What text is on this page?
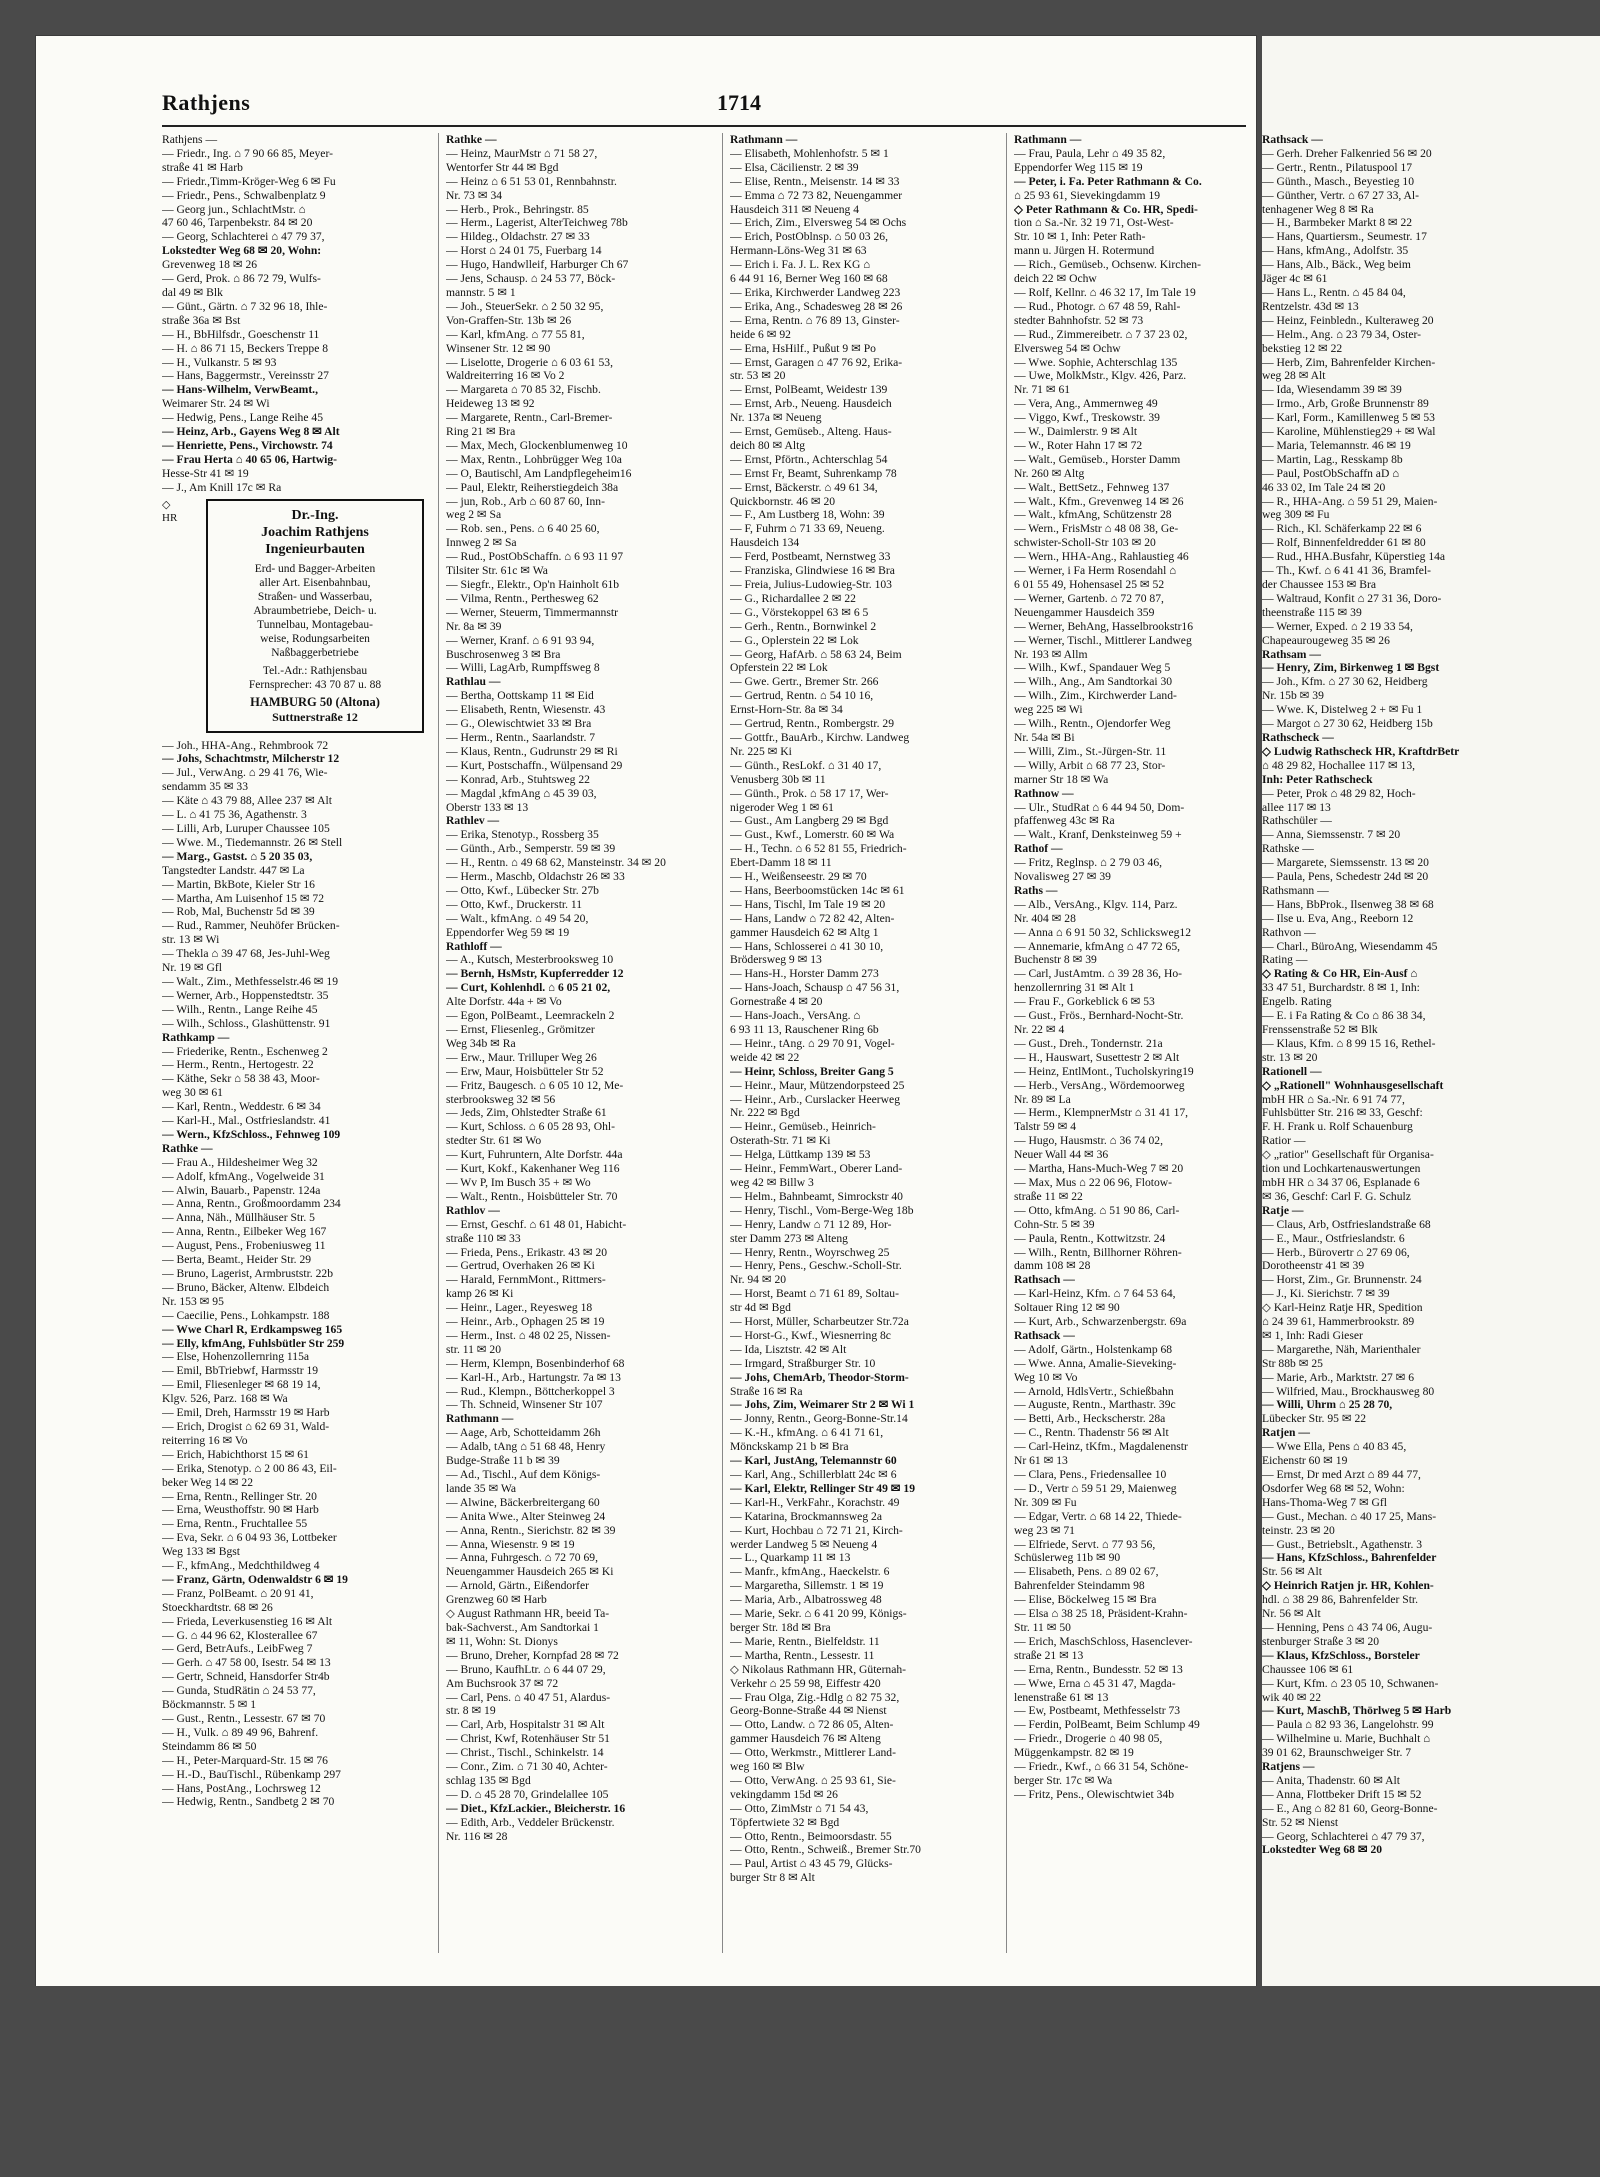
Rathjens	1714
Rathjens —
— Friedr., Ing. ⌂ 7 90 66 85, Meyer-
straße 41 ✉ Harb
— Friedr.,Timm-Kröger-Weg 6 ✉ Fu
— Friedr., Pens., Schwalbenplatz 9
— Georg jun., SchlachtMstr. ⌂
47 60 46, Tarpenbekstr. 84 ✉ 20
— Georg, Schlachterei ⌂ 47 79 37,
Lokstedter Weg 68 ✉ 20, Wohn:
Grevenweg 18 ✉ 26
— Gerd, Prok. ⌂ 86 72 79, Wulfs-
dal 49 ✉ Blk
— Günt., Gärtn. ⌂ 7 32 96 18, Ihle-
straße 36a ✉ Bst
— H., BbHilfsdr., Goeschenstr 11
— H. ⌂ 86 71 15, Beckers Treppe 8
— H., Vulkanstr. 5 ✉ 93
— Hans, Baggermstr., Vereinsstr 27
— Hans-Wilhelm, VerwBeamt.,
Weimarer Str. 24 ✉ Wi
— Hedwig, Pens., Lange Reihe 45
— Heinz, Arb., Gayens Weg 8 ✉ Alt
— Henriette, Pens., Virchowstr. 74
— Frau Herta ⌂ 40 65 06, Hartwig-
Hesse-Str 41 ✉ 19
— J., Am Knill 17c ✉ Ra
◇
HR	Dr.-Ing.
Joachim Rathjens
Ingenieurbauten
Erd- und Bagger-Arbeiten
aller Art. Eisenbahnbau,
Straßen- und Wasserbau,
Abraumbetriebe, Deich- u.
Tunnelbau, Montagebau-
weise, Rodungsarbeiten
Naßbaggerbetriebe
Tel.-Adr.: Rathjensbau
Fernsprecher: 43 70 87 u. 88
HAMBURG 50 (Altona)
Suttnerstraße 12
— Joh., HHA-Ang., Rehmbrook 72
— Johs, Schachtmstr, Milcherstr 12
— Jul., VerwAng. ⌂ 29 41 76, Wie-
sendamm 35 ✉ 33
— Käte ⌂ 43 79 88, Allee 237 ✉ Alt
— L. ⌂ 41 75 36, Agathenstr. 3
— Lilli, Arb, Luruper Chaussee 105
— Wwe. M., Tiedemannstr. 26 ✉ Stell
— Marg., Gastst. ⌂ 5 20 35 03,
Tangstedter Landstr. 447 ✉ La
— Martin, BkBote, Kieler Str 16
— Martha, Am Luisenhof 15 ✉ 72
— Rob, Mal, Buchenstr 5d ✉ 39
— Rud., Rammer, Neuhöfer Brücken-
str. 13 ✉ Wi
— Thekla ⌂ 39 47 68, Jes-Juhl-Weg
Nr. 19 ✉ Gfl
— Walt., Zim., Methfesselstr.46 ✉ 19
— Werner, Arb., Hoppenstedtstr. 35
— Wilh., Rentn., Lange Reihe 45
— Wilh., Schloss., Glashüttenstr. 91
Rathkamp —
— Friederike, Rentn., Eschenweg 2
— Herm., Rentn., Hertogestr. 22
— Käthe, Sekr ⌂ 58 38 43, Moor-
weg 30 ✉ 61
— Karl, Rentn., Weddestr. 6 ✉ 34
— Karl-H., Mal., Ostfrieslandstr. 41
— Wern., KfzSchloss., Fehnweg 109
Rathke —
— Frau A., Hildesheimer Weg 32
— Adolf, kfmAng., Vogelweide 31
— Alwin, Bauarb., Papenstr. 124a
— Anna, Rentn., Großmoordamm 234
— Anna, Näh., Müllhäuser Str. 5
— Anna, Rentn., Eilbeker Weg 167
— August, Pens., Frobeniusweg 11
— Berta, Beamt., Heider Str. 29
— Bruno, Lagerist, Armbruststr. 22b
— Bruno, Bäcker, Altenw. Elbdeich
Nr. 153 ✉ 95
— Caecilie, Pens., Lohkampstr. 188
— Wwe Charl R, Erdkampsweg 165
— Elly, kfmAng, Fuhlsbütler Str 259
— Else, Hohenzollernring 115a
— Emil, BbTriebwf, Harmsstr 19
— Emil, Fliesenleger ✉ 68 19 14,
Klgv. 526, Parz. 168 ✉ Wa
— Emil, Dreh, Harmsstr 19 ✉ Harb
— Erich, Drogist ⌂ 62 69 31, Wald-
reiterring 16 ✉ Vo
— Erich, Habichthorst 15 ✉ 61
— Erika, Stenotyp. ⌂ 2 00 86 43, Eil-
beker Weg 14 ✉ 22
— Erna, Rentn., Rellinger Str. 20
— Erna, Weusthoffstr. 90 ✉ Harb
— Erna, Rentn., Fruchtallee 55
— Eva, Sekr. ⌂ 6 04 93 36, Lottbeker
Weg 133 ✉ Bgst
— F., kfmAng., Medchthildweg 4
— Franz, Gärtn, Odenwaldstr 6 ✉ 19
— Franz, PolBeamt. ⌂ 20 91 41,
Stoeckhardtstr. 68 ✉ 26
— Frieda, Leverkusenstieg 16 ✉ Alt
— G. ⌂ 44 96 62, Klosterallee 67
— Gerd, BetrAufs., LeibFweg 7
— Gerh. ⌂ 47 58 00, Isestr. 54 ✉ 13
— Gertr, Schneid, Hansdorfer Str4b
— Gunda, StudRätin ⌂ 24 53 77,
Böckmannstr. 5 ✉ 1
— Gust., Rentn., Lessestr. 67 ✉ 70
— H., Vulk. ⌂ 89 49 96, Bahrenf.
Steindamm 86 ✉ 50
— H., Peter-Marquard-Str. 15 ✉ 76
— H.-D., BauTischl., Rübenkamp 297
— Hans, PostAng., Lochrsweg 12
— Hedwig, Rentn., Sandbetg 2 ✉ 70
Rathke —
— Heinz, MaurMstr ⌂ 71 58 27,
Wentorfer Str 44 ✉ Bgd
— Heinz ⌂ 6 51 53 01, Rennbahnstr.
Nr. 73 ✉ 34
— Herb., Prok., Behringstr. 85
— Herm., Lagerist, AlterTeichweg 78b
— Hildeg., Oldachstr. 27 ✉ 33
— Horst ⌂ 24 01 75, Fuerbarg 14
— Hugo, Handwlleif, Harburger Ch 67
— Jens, Schausp. ⌂ 24 53 77, Böck-
mannstr. 5 ✉ 1
— Joh., SteuerSekr. ⌂ 2 50 32 95,
Von-Graffen-Str. 13b ✉ 26
— Karl, kfmAng. ⌂ 77 55 81,
Winsener Str. 12 ✉ 90
— Liselotte, Drogerie ⌂ 6 03 61 53,
Waldreiterring 16 ✉ Vo 2
— Margareta ⌂ 70 85 32, Fischb.
Heideweg 13 ✉ 92
— Margarete, Rentn., Carl-Bremer-
Ring 21 ✉ Bra
— Max, Mech, Glockenblumenweg 10
— Max, Rentn., Lohbrügger Weg 10a
— O, Bautischl, Am Landpflegeheim16
— Paul, Elektr, Reiherstiegdeich 38a
— jun, Rob., Arb ⌂ 60 87 60, Inn-
weg 2 ✉ Sa
— Rob. sen., Pens. ⌂ 6 40 25 60,
Innweg 2 ✉ Sa
— Rud., PostObSchaffn. ⌂ 6 93 11 97
Tilsiter Str. 61c ✉ Wa
— Siegfr., Elektr., Op'n Hainholt 61b
— Vilma, Rentn., Perthesweg 62
— Werner, Steuerm, Timmermannstr
Nr. 8a ✉ 39
— Werner, Kranf. ⌂ 6 91 93 94,
Buschrosenweg 3 ✉ Bra
— Willi, LagArb, Rumpffsweg 8
Rathlau —
— Bertha, Oottskamp 11 ✉ Eid
— Elisabeth, Rentn, Wiesenstr. 43
— G., Olewischtwiet 33 ✉ Bra
— Herm., Rentn., Saarlandstr. 7
— Klaus, Rentn., Gudrunstr 29 ✉ Ri
— Kurt, Postschaffn., Wülpensand 29
— Konrad, Arb., Stuhtsweg 22
— Magdal ,kfmAng ⌂ 45 39 03,
Oberstr 133 ✉ 13
Rathlev —
— Erika, Stenotyp., Rossberg 35
— Günth., Arb., Semperstr. 59 ✉ 39
— H., Rentn. ⌂ 49 68 62, Mansteinstr. 34 ✉ 20
— Herm., Maschb, Oldachstr 26 ✉ 33
— Otto, Kwf., Lübecker Str. 27b
— Otto, Kwf., Druckerstr. 11
— Walt., kfmAng. ⌂ 49 54 20,
Eppendorfer Weg 59 ✉ 19
Rathloff —
— A., Kutsch, Mesterbrooksweg 10
— Bernh, HsMstr, Kupferredder 12
— Curt, Kohlenhdl. ⌂ 6 05 21 02,
Alte Dorfstr. 44a + ✉ Vo
— Egon, PolBeamt., Leemrackeln 2
— Ernst, Fliesenleg., Grömitzer
Weg 34b ✉ Ra
— Erw., Maur. Trilluper Weg 26
— Erw, Maur, Hoisbütteler Str 52
— Fritz, Baugesch. ⌂ 6 05 10 12, Me-
sterbrooksweg 32 ✉ 56
— Jeds, Zim, Ohlstedter Straße 61
— Kurt, Schloss. ⌂ 6 05 28 93, Ohl-
stedter Str. 61 ✉ Wo
— Kurt, Fuhruntern, Alte Dorfstr. 44a
— Kurt, Kokf., Kakenhaner Weg 116
— Wv P, Im Busch 35 + ✉ Wo
— Walt., Rentn., Hoisbütteler Str. 70
Rathlov —
— Ernst, Geschf. ⌂ 61 48 01, Habicht-
straße 110 ✉ 33
— Frieda, Pens., Erikastr. 43 ✉ 20
— Gertrud, Overhaken 26 ✉ Ki
— Harald, FernmMont., Rittmers-
kamp 26 ✉ Ki
— Heinr., Lager., Reyesweg 18
— Heinr., Arb., Ophagen 25 ✉ 19
— Herm., Inst. ⌂ 48 02 25, Nissen-
str. 11 ✉ 20
— Herm, Klempn, Bosenbinderhof 68
— Karl-H., Arb., Hartungstr. 7a ✉ 13
— Rud., Klempn., Böttcherkoppel 3
— Th. Schneid, Winsener Str 107
Rathmann —
— Aage, Arb, Schotteidamm 26h
— Adalb, tAng ⌂ 51 68 48, Henry
Budge-Straße 11 b ✉ 39
— Ad., Tischl., Auf dem Königs-
lande 35 ✉ Wa
— Alwine, Bäckerbreitergang 60
— Anita Wwe., Alter Steinweg 24
— Anna, Rentn., Sierichstr. 82 ✉ 39
— Anna, Wiesenstr. 9 ✉ 19
— Anna, Fuhrgesch. ⌂ 72 70 69,
Neuengammer Hausdeich 265 ✉ Ki
— Arnold, Gärtn., Eißendorfer
Grenzweg 60 ✉ Harb
◇ August Rathmann HR, beeid Ta-
bak-Sachverst., Am Sandtorkai 1
✉ 11, Wohn: St. Dionys
— Bruno, Dreher, Kornpfad 28 ✉ 72
— Bruno, KaufhLtr. ⌂ 6 44 07 29,
Am Buchsrook 37 ✉ 72
— Carl, Pens. ⌂ 40 47 51, Alardus-
str. 8 ✉ 19
— Carl, Arb, Hospitalstr 31 ✉ Alt
— Christ, Kwf, Rotenhäuser Str 51
— Christ., Tischl., Schinkelstr. 14
— Conr., Zim. ⌂ 71 30 40, Achter-
schlag 135 ✉ Bgd
— D. ⌂ 45 28 70, Grindelallee 105
— Diet., KfzLackier., Bleicherstr. 16
— Edith, Arb., Veddeler Brückenstr.
Nr. 116 ✉ 28
Rathmann —
— Elisabeth, Mohlenhofstr. 5 ✉ 1
— Elsa, Cäcilienstr. 2 ✉ 39
— Elise, Rentn., Meisenstr. 14 ✉ 33
— Emma ⌂ 72 73 82, Neuengammer
Hausdeich 311 ✉ Neueng 4
— Erich, Zim., Elversweg 54 ✉ Ochs
— Erich, PostOblnsp. ⌂ 50 03 26,
Hermann-Löns-Weg 31 ✉ 63
— Erich i. Fa. J. L. Rex KG ⌂
6 44 91 16, Berner Weg 160 ✉ 68
— Erika, Kirchwerder Landweg 223
— Erika, Ang., Schadesweg 28 ✉ 26
— Erna, Rentn. ⌂ 76 89 13, Ginster-
heide 6 ✉ 92
— Erna, HsHilf., Pußut 9 ✉ Po
— Ernst, Garagen ⌂ 47 76 92, Erika-
str. 53 ✉ 20
— Ernst, PolBeamt, Weidestr 139
— Ernst, Arb., Neueng. Hausdeich
Nr. 137a ✉ Neueng
— Ernst, Gemüseb., Alteng. Haus-
deich 80 ✉ Altg
— Ernst, Pförtn., Achterschlag 54
— Ernst Fr, Beamt, Suhrenkamp 78
— Ernst, Bäckerstr. ⌂ 49 61 34,
Quickbornstr. 46 ✉ 20
— F., Am Lustberg 18, Wohn: 39
— F, Fuhrm ⌂ 71 33 69, Neueng.
Hausdeich 134
— Ferd, Postbeamt, Nernstweg 33
— Franziska, Glindwiese 16 ✉ Bra
— Freia, Julius-Ludowieg-Str. 103
— G., Richardallee 2 ✉ 22
— G., Vörstekoppel 63 ✉ 6 5
— Gerh., Rentn., Bornwinkel 2
— G., Oplerstein 22 ✉ Lok
— Georg, HafArb. ⌂ 58 63 24, Beim
Opferstein 22 ✉ Lok
— Gwe. Gertr., Bremer Str. 266
— Gertrud, Rentn. ⌂ 54 10 16,
Ernst-Horn-Str. 8a ✉ 34
— Gertrud, Rentn., Rombergstr. 29
— Gottfr., BauArb., Kirchw. Landweg
Nr. 225 ✉ Ki
— Günth., ResLokf. ⌂ 31 40 17,
Venusberg 30b ✉ 11
— Günth., Prok. ⌂ 58 17 17, Wer-
nigeroder Weg 1 ✉ 61
— Gust., Am Langberg 29 ✉ Bgd
— Gust., Kwf., Lomerstr. 60 ✉ Wa
— H., Techn. ⌂ 6 52 81 55, Friedrich-
Ebert-Damm 18 ✉ 11
— H., Weißenseestr. 29 ✉ 70
— Hans, Beerboomstücken 14c ✉ 61
— Hans, Tischl, Im Tale 19 ✉ 20
— Hans, Landw ⌂ 72 82 42, Alten-
gammer Hausdeich 62 ✉ Altg 1
— Hans, Schlosserei ⌂ 41 30 10,
Brödersweg 9 ✉ 13
— Hans-H., Horster Damm 273
— Hans-Joach, Schausp ⌂ 47 56 31,
Gornestraße 4 ✉ 20
— Hans-Joach., VersAng. ⌂
6 93 11 13, Rauschener Ring 6b
— Heinr., tAng. ⌂ 29 70 91, Vogel-
weide 42 ✉ 22
— Heinr, Schloss, Breiter Gang 5
— Heinr., Maur, Mützendorpsteed 25
— Heinr., Arb., Curslacker Heerweg
Nr. 222 ✉ Bgd
— Heinr., Gemüseb., Heinrich-
Osterath-Str. 71 ✉ Ki
— Helga, Lüttkamp 139 ✉ 53
— Heinr., FemmWart., Oberer Land-
weg 42 ✉ Billw 3
— Helm., Bahnbeamt, Simrockstr 40
— Henry, Tischl., Vom-Berge-Weg 18b
— Henry, Landw ⌂ 71 12 89, Hor-
ster Damm 273 ✉ Alteng
— Henry, Rentn., Woyrschweg 25
— Henry, Pens., Geschw.-Scholl-Str.
Nr. 94 ✉ 20
— Horst, Beamt ⌂ 71 61 89, Soltau-
str 4d ✉ Bgd
— Horst, Müller, Scharbeutzer Str.72a
— Horst-G., Kwf., Wiesnerring 8c
— Ida, Lisztstr. 42 ✉ Alt
— Irmgard, Straßburger Str. 10
— Johs, ChemArb, Theodor-Storm-
Straße 16 ✉ Ra
— Johs, Zim, Weimarer Str 2 ✉ Wi 1
— Jonny, Rentn., Georg-Bonne-Str.14
— K.-H., kfmAng. ⌂ 6 41 71 61,
Mönckskamp 21 b ✉ Bra
— Karl, JustAng, Telemannstr 60
— Karl, Ang., Schillerblatt 24c ✉ 6
— Karl, Elektr, Rellinger Str 49 ✉ 19
— Karl-H., VerkFahr., Korachstr. 49
— Katarina, Brockmannsweg 2a
— Kurt, Hochbau ⌂ 72 71 21, Kirch-
werder Landweg 5 ✉ Neueng 4
— L., Quarkamp 11 ✉ 13
— Manfr., kfmAng., Haeckelstr. 6
— Margaretha, Sillemstr. 1 ✉ 19
— Maria, Arb., Albatrossweg 48
— Marie, Sekr. ⌂ 6 41 20 99, Königs-
berger Str. 18d ✉ Bra
— Marie, Rentn., Bielfeldstr. 11
— Martha, Rentn., Lessestr. 11
◇ Nikolaus Rathmann HR, Güternah-
Verkehr ⌂ 25 59 98, Eiffestr 420
— Frau Olga, Zig.-Hdlg ⌂ 82 75 32,
Georg-Bonne-Straße 44 ✉ Nienst
— Otto, Landw. ⌂ 72 86 05, Alten-
gammer Hausdeich 76 ✉ Alteng
— Otto, Werkmstr., Mittlerer Land-
weg 160 ✉ Blw
— Otto, VerwAng. ⌂ 25 93 61, Sie-
vekingdamm 15d ✉ 26
— Otto, ZimMstr ⌂ 71 54 43,
Töpfertwiete 32 ✉ Bgd
— Otto, Rentn., Beimoorsdastr. 55
— Otto, Rentn., Schweiß., Bremer Str.70
— Paul, Artist ⌂ 43 45 79, Glücks-
burger Str 8 ✉ Alt
Rathmann —
— Frau, Paula, Lehr ⌂ 49 35 82,
Eppendorfer Weg 115 ✉ 19
— Peter, i. Fa. Peter Rathmann & Co.
⌂ 25 93 61, Sievekingdamm 19
◇ Peter Rathmann & Co. HR, Spedi-
tion ⌂ Sa.-Nr. 32 19 71, Ost-West-
Str. 10 ✉ 1, Inh: Peter Rath-
mann u. Jürgen H. Rotermund
— Rich., Gemüseb., Ochsenw. Kirchen-
deich 22 ✉ Ochw
— Rolf, Kellnr. ⌂ 46 32 17, Im Tale 19
— Rud., Photogr. ⌂ 67 48 59, Rahl-
stedter Bahnhofstr. 52 ✉ 73
— Rud., Zimmereibetr. ⌂ 7 37 23 02,
Elversweg 54 ✉ Ochw
— Wwe. Sophie, Achterschlag 135
— Uwe, MolkMstr., Klgv. 426, Parz.
Nr. 71 ✉ 61
— Vera, Ang., Ammernweg 49
— Viggo, Kwf., Treskowstr. 39
— W., Daimlerstr. 9 ✉ Alt
— W., Roter Hahn 17 ✉ 72
— Walt., Gemüseb., Horster Damm
Nr. 260 ✉ Altg
— Walt., BettSetz., Fehnweg 137
— Walt., Kfm., Grevenweg 14 ✉ 26
— Walt., kfmAng, Schützenstr 28
— Wern., FrisMstr ⌂ 48 08 38, Ge-
schwister-Scholl-Str 103 ✉ 20
— Wern., HHA-Ang., Rahlaustieg 46
— Werner, i Fa Herm Rosendahl ⌂
6 01 55 49, Hohensasel 25 ✉ 52
— Werner, Gartenb. ⌂ 72 70 87,
Neuengammer Hausdeich 359
— Werner, BehAng, Hasselbrookstr16
— Werner, Tischl., Mittlerer Landweg
Nr. 193 ✉ Allm
— Wilh., Kwf., Spandauer Weg 5
— Wilh., Ang., Am Sandtorkai 30
— Wilh., Zim., Kirchwerder Land-
weg 225 ✉ Wi
— Wilh., Rentn., Ojendorfer Weg
Nr. 54a ✉ Bi
— Willi, Zim., St.-Jürgen-Str. 11
— Willy, Arbit ⌂ 68 77 23, Stor-
marner Str 18 ✉ Wa
Rathnow —
— Ulr., StudRat ⌂ 6 44 94 50, Dom-
pfaffenweg 43c ✉ Ra
— Walt., Kranf, Denksteinweg 59 +
Rathof —
— Fritz, Reglnsp. ⌂ 2 79 03 46,
Novalisweg 27 ✉ 39
Raths —
— Alb., VersAng., Klgv. 114, Parz.
Nr. 404 ✉ 28
— Anna ⌂ 6 91 50 32, Schlicksweg12
— Annemarie, kfmAng ⌂ 47 72 65,
Buchenstr 8 ✉ 39
— Carl, JustAmtm. ⌂ 39 28 36, Ho-
henzollernring 31 ✉ Alt 1
— Frau F., Gorkeblick 6 ✉ 53
— Gust., Frös., Bernhard-Nocht-Str.
Nr. 22 ✉ 4
— Gust., Dreh., Tondernstr. 21a
— H., Hauswart, Susettestr 2 ✉ Alt
— Heinz, EntlMont., Tucholskyring19
— Herb., VersAng., Wördemoorweg
Nr. 89 ✉ La
— Herm., KlempnerMstr ⌂ 31 41 17,
Talstr 59 ✉ 4
— Hugo, Hausmstr. ⌂ 36 74 02,
Neuer Wall 44 ✉ 36
— Martha, Hans-Much-Weg 7 ✉ 20
— Max, Mus ⌂ 22 06 96, Flotow-
straße 11 ✉ 22
— Otto, kfmAng. ⌂ 51 90 86, Carl-
Cohn-Str. 5 ✉ 39
— Paula, Rentn., Kottwitzstr. 24
— Wilh., Rentn, Billhorner Röhren-
damm 108 ✉ 28
Rathsach —
— Karl-Heinz, Kfm. ⌂ 7 64 53 64,
Soltauer Ring 12 ✉ 90
— Kurt, Arb., Schwarzenbergstr. 69a
Rathsack —
— Adolf, Gärtn., Holstenkamp 68
— Wwe. Anna, Amalie-Sieveking-
Weg 10 ✉ Vo
— Arnold, HdlsVertr., Schießbahn
— Auguste, Rentn., Marthastr. 39c
— Betti, Arb., Heckscherstr. 28a
— C., Rentn. Thadenstr 56 ✉ Alt
— Carl-Heinz, tKfm., Magdalenenstr
Nr 61 ✉ 13
— Clara, Pens., Friedensallee 10
— D., Vertr ⌂ 59 51 29, Maienweg
Nr. 309 ✉ Fu
— Edgar, Vertr. ⌂ 68 14 22, Thiede-
weg 23 ✉ 71
— Elfriede, Servt. ⌂ 77 93 56,
Schüslerweg 11b ✉ 90
— Elisabeth, Pens. ⌂ 89 02 67,
Bahrenfelder Steindamm 98
— Elise, Böckelweg 15 ✉ Bra
— Elsa ⌂ 38 25 18, Präsident-Krahn-
Str. 11 ✉ 50
— Erich, MaschSchloss, Hasenclever-
straße 21 ✉ 13
— Erna, Rentn., Bundesstr. 52 ✉ 13
— Wwe, Erna ⌂ 45 31 47, Magda-
lenenstraße 61 ✉ 13
— Ew, Postbeamt, Methfesselstr 73
— Ferdin, PolBeamt, Beim Schlump 49
— Friedr., Drogerie ⌂ 40 98 05,
Müggenkampstr. 82 ✉ 19
— Friedr., Kwf., ⌂ 66 31 54, Schöne-
berger Str. 17c ✉ Wa
— Fritz, Pens., Olewischtwiet 34b
Rathsack —
— Gerh. Dreher Falkenried 56 ✉ 20
— Gertr., Rentn., Pilatuspool 17
— Günth., Masch., Beyestieg 10
— Günther, Vertr. ⌂ 67 27 33, Al-
tenhagener Weg 8 ✉ Ra
— H., Barmbeker Markt 8 ✉ 22
— Hans, Quartiersm., Seumestr. 17
— Hans, kfmAng., Adolfstr. 35
— Hans, Alb., Bäck., Weg beim
Jäger 4c ✉ 61
— Hans L., Rentn. ⌂ 45 84 04,
Rentzelstr. 43d ✉ 13
— Heinz, Feinbledn., Kulteraweg 20
— Helm., Ang. ⌂ 23 79 34, Oster-
bekstieg 12 ✉ 22
— Herb, Zim, Bahrenfelder Kirchen-
weg 28 ✉ Alt
— Ida, Wiesendamm 39 ✉ 39
— Irmo., Arb, Große Brunnenstr 89
— Karl, Form., Kamillenweg 5 ✉ 53
— Karoline, Mühlenstieg29 + ✉ Wal
— Maria, Telemannstr. 46 ✉ 19
— Martin, Lag., Resskamp 8b
— Paul, PostObSchaffn aD ⌂
46 33 02, Im Tale 24 ✉ 20
— R., HHA-Ang. ⌂ 59 51 29, Maien-
weg 309 ✉ Fu
— Rich., Kl. Schäferkamp 22 ✉ 6
— Rolf, Binnenfeldredder 61 ✉ 80
— Rud., HHA.Busfahr, Küperstieg 14a
— Th., Kwf. ⌂ 6 41 41 36, Bramfel-
der Chaussee 153 ✉ Bra
— Waltraud, Konfit ⌂ 27 31 36, Doro-
theenstraße 115 ✉ 39
— Werner, Exped. ⌂ 2 19 33 54,
Chapeaurougeweg 35 ✉ 26
Rathsam —
— Henry, Zim, Birkenweg 1 ✉ Bgst
— Joh., Kfm. ⌂ 27 30 62, Heidberg
Nr. 15b ✉ 39
— Wwe. K, Distelweg 2 + ✉ Fu 1
— Margot ⌂ 27 30 62, Heidberg 15b
Rathscheck —
◇ Ludwig Rathscheck HR, KraftdrBetr
⌂ 48 29 82, Hochallee 117 ✉ 13,
Inh: Peter Rathscheck
— Peter, Prok ⌂ 48 29 82, Hoch-
allee 117 ✉ 13
Rathschüler —
— Anna, Siemssenstr. 7 ✉ 20
Rathske —
— Margarete, Siemssenstr. 13 ✉ 20
— Paula, Pens, Schedestr 24d ✉ 20
Rathsmann —
— Hans, BbProk., Ilsenweg 38 ✉ 68
— Ilse u. Eva, Ang., Reeborn 12
Rathvon —
— Charl., BüroAng, Wiesendamm 45
Rating —
◇ Rating & Co HR, Ein-Ausf ⌂
33 47 51, Burchardstr. 8 ✉ 1, Inh:
Engelb. Rating
— E. i Fa Rating & Co ⌂ 86 38 34,
Frenssenstraße 52 ✉ Blk
— Klaus, Kfm. ⌂ 8 99 15 16, Rethel-
str. 13 ✉ 20
Rationell —
◇ „Rationell" Wohnhausgesellschaft
mbH HR ⌂ Sa.-Nr. 6 91 74 77,
Fuhlsbütter Str. 216 ✉ 33, Geschf:
F. H. Frank u. Rolf Schauenburg
Ratior —
◇ „ratior" Gesellschaft für Organisa-
tion und Lochkartenauswertungen
mbH HR ⌂ 34 37 06, Esplanade 6
✉ 36, Geschf: Carl F. G. Schulz
Ratje —
— Claus, Arb, Ostfrieslandstraße 68
— E., Maur., Ostfrieslandstr. 6
— Herb., Bürovertr ⌂ 27 69 06,
Dorotheenstr 41 ✉ 39
— Horst, Zim., Gr. Brunnenstr. 24
— J., Ki. Sierichstr. 7 ✉ 39
◇ Karl-Heinz Ratje HR, Spedition
⌂ 24 39 61, Hammerbrookstr. 89
✉ 1, Inh: Radi Gieser
— Margarethe, Näh, Marienthaler
Str 88b ✉ 25
— Marie, Arb., Marktstr. 27 ✉ 6
— Wilfried, Mau., Brockhausweg 80
— Willi, Uhrm ⌂ 25 28 70,
Lübecker Str. 95 ✉ 22
Ratjen —
— Wwe Ella, Pens ⌂ 40 83 45,
Eichenstr 60 ✉ 19
— Ernst, Dr med Arzt ⌂ 89 44 77,
Osdorfer Weg 68 ✉ 52, Wohn:
Hans-Thoma-Weg 7 ✉ Gfl
— Gust., Mechan. ⌂ 40 17 25, Mans-
teinstr. 23 ✉ 20
— Gust., Betriebslt., Agathenstr. 3
— Hans, KfzSchloss., Bahrenfelder
Str. 56 ✉ Alt
◇ Heinrich Ratjen jr. HR, Kohlen-
hdl. ⌂ 38 29 86, Bahrenfelder Str.
Nr. 56 ✉ Alt
— Henning, Pens ⌂ 43 74 06, Augu-
stenburger Straße 3 ✉ 20
— Klaus, KfzSchloss., Borsteler
Chaussee 106 ✉ 61
— Kurt, Kfm. ⌂ 23 05 10, Schwanen-
wik 40 ✉ 22
— Kurt, MaschB, Thörlweg 5 ✉ Harb
— Paula ⌂ 82 93 36, Langelohstr. 99
— Wilhelmine u. Marie, Buchhalt ⌂
39 01 62, Braunschweiger Str. 7
Ratjens —
— Anita, Thadenstr. 60 ✉ Alt
— Anna, Flottbeker Drift 15 ✉ 52
— E., Ang ⌂ 82 81 60, Georg-Bonne-
Str. 52 ✉ Nienst
— Georg, Schlachterei ⌂ 47 79 37,
Lokstedter Weg 68 ✉ 20
